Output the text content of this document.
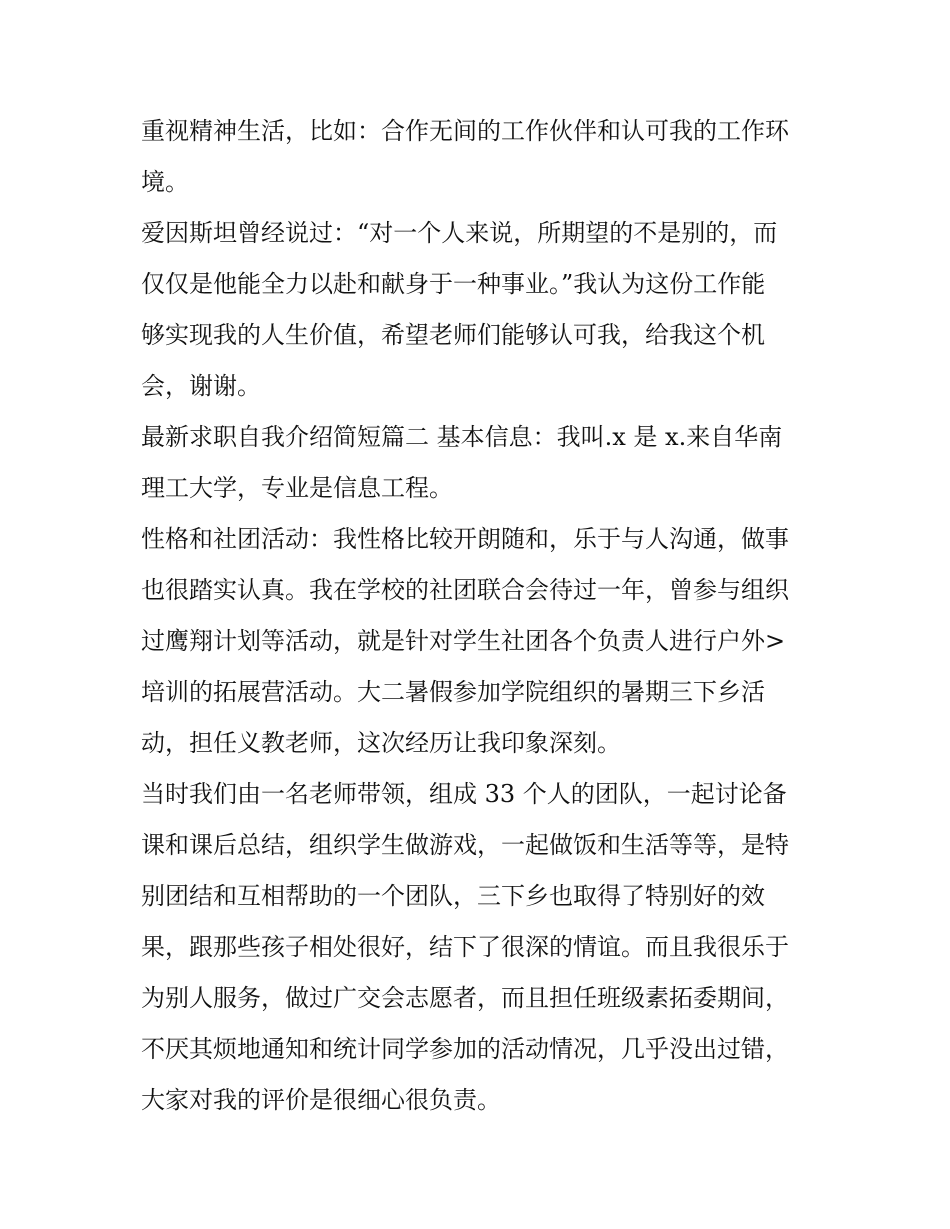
重视精神生活，比如：合作无间的工作伙伴和认可我的工作环
境。
爱因斯坦曾经说过：“对一个人来说，所期望的不是别的，而
仅仅是他能全力以赴和献身于一种事业。”我认为这份工作能
够实现我的人生价值，希望老师们能够认可我，给我这个机
会，谢谢。
最新求职自我介绍简短篇二 基本信息：我叫.x 是 x.来自华南
理工大学，专业是信息工程。
性格和社团活动：我性格比较开朗随和，乐于与人沟通，做事
也很踏实认真。我在学校的社团联合会待过一年，曾参与组织
过鹰翔计划等活动，就是针对学生社团各个负责人进行户外>
培训的拓展营活动。大二暑假参加学院组织的暑期三下乡活
动，担任义教老师，这次经历让我印象深刻。
当时我们由一名老师带领，组成 33 个人的团队，一起讨论备
课和课后总结，组织学生做游戏，一起做饭和生活等等，是特
别团结和互相帮助的一个团队，三下乡也取得了特别好的效
果，跟那些孩子相处很好，结下了很深的情谊。而且我很乐于
为别人服务，做过广交会志愿者，而且担任班级素拓委期间，
不厌其烦地通知和统计同学参加的活动情况，几乎没出过错，
大家对我的评价是很细心很负责。
